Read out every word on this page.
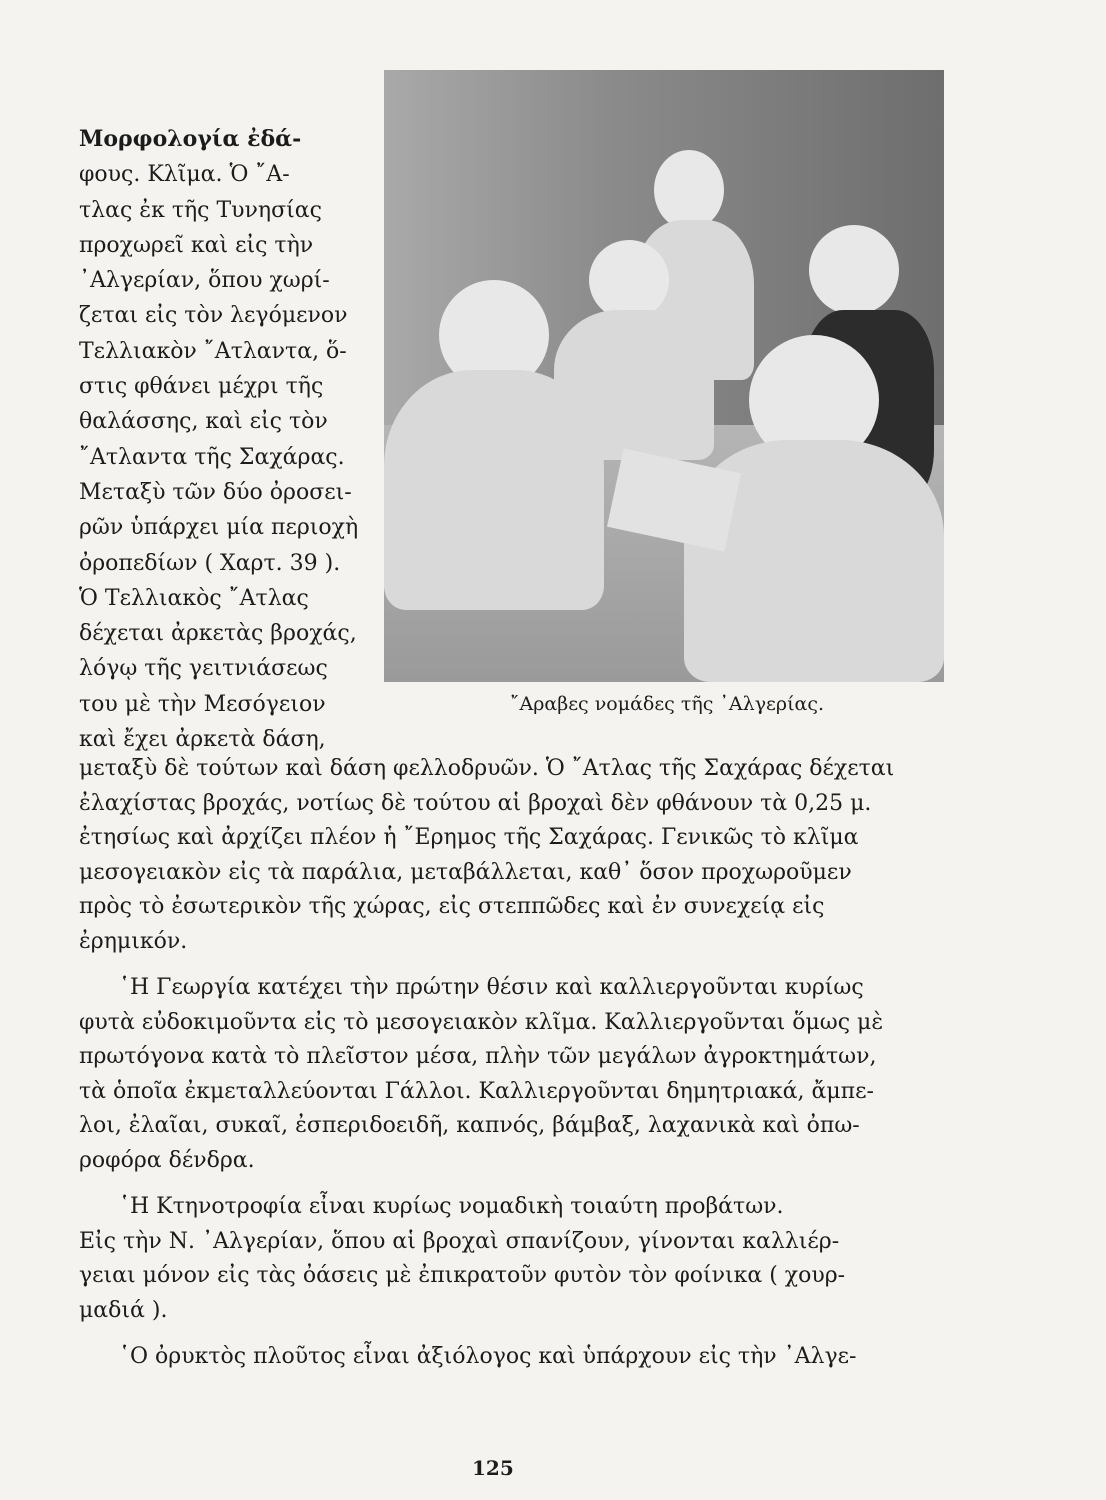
῎Αραβες νομάδες τῆς ᾿Αλγερίας.
Μορφολογία ἐδά-
φους. Κλῖμα. Ὁ ῎Α-
τλας ἐκ τῆς Τυνησίας
προχωρεῖ καὶ εἰς τὴν
᾿Αλγερίαν, ὅπου χωρί-
ζεται εἰς τὸν λεγόμενον
Τελλιακὸν ῎Ατλαντα, ὅ-
στις φθάνει μέχρι τῆς
θαλάσσης, καὶ εἰς τὸν
῎Ατλαντα τῆς Σαχάρας.
Μεταξὺ τῶν δύο ὀροσει-
ρῶν ὑπάρχει μία περιοχὴ
ὀροπεδίων ( Χαρτ. 39 ).
Ὁ Τελλιακὸς ῎Ατλας
δέχεται ἀρκετὰς βροχάς,
λόγῳ τῆς γειτνιάσεως
του μὲ τὴν Μεσόγειον
καὶ ἔχει ἀρκετὰ δάση,
μεταξὺ δὲ τούτων καὶ δάση φελλοδρυῶν. Ὁ ῎Ατλας τῆς Σαχάρας δέχεται
ἐλαχίστας βροχάς, νοτίως δὲ τούτου αἱ βροχαὶ δὲν φθάνουν τὰ 0,25 μ.
ἐτησίως καὶ ἀρχίζει πλέον ἡ ῎Ερημος τῆς Σαχάρας. Γενικῶς τὸ κλῖμα
μεσογειακὸν εἰς τὰ παράλια, μεταβάλλεται, καθ᾿ ὅσον προχωροῦμεν
πρὸς τὸ ἐσωτερικὸν τῆς χώρας, εἰς στεππῶδες καὶ ἐν συνεχείᾳ εἰς
ἐρημικόν.
῾Η Γεωργία κατέχει τὴν πρώτην θέσιν καὶ καλλιεργοῦνται κυρίως
φυτὰ εὐδοκιμοῦντα εἰς τὸ μεσογειακὸν κλῖμα. Καλλιεργοῦνται ὅμως μὲ
πρωτόγονα κατὰ τὸ πλεῖστον μέσα, πλὴν τῶν μεγάλων ἀγροκτημάτων,
τὰ ὁποῖα ἐκμεταλλεύονται Γάλλοι. Καλλιεργοῦνται δημητριακά, ἄμπε-
λοι, ἐλαῖαι, συκαῖ, ἐσπεριδοειδῆ, καπνός, βάμβαξ, λαχανικὰ καὶ ὀπω-
ροφόρα δένδρα.
῾Η Κτηνοτροφία εἶναι κυρίως νομαδικὴ τοιαύτη προβάτων.
Εἰς τὴν Ν. ᾿Αλγερίαν, ὅπου αἱ βροχαὶ σπανίζουν, γίνονται καλλιέρ-
γειαι μόνον εἰς τὰς ὀάσεις μὲ ἐπικρατοῦν φυτὸν τὸν φοίνικα ( χουρ-
μαδιά ).
῾Ο ὀρυκτὸς πλοῦτος εἶναι ἀξιόλογος καὶ ὑπάρχουν εἰς τὴν ᾿Αλγε-
125
